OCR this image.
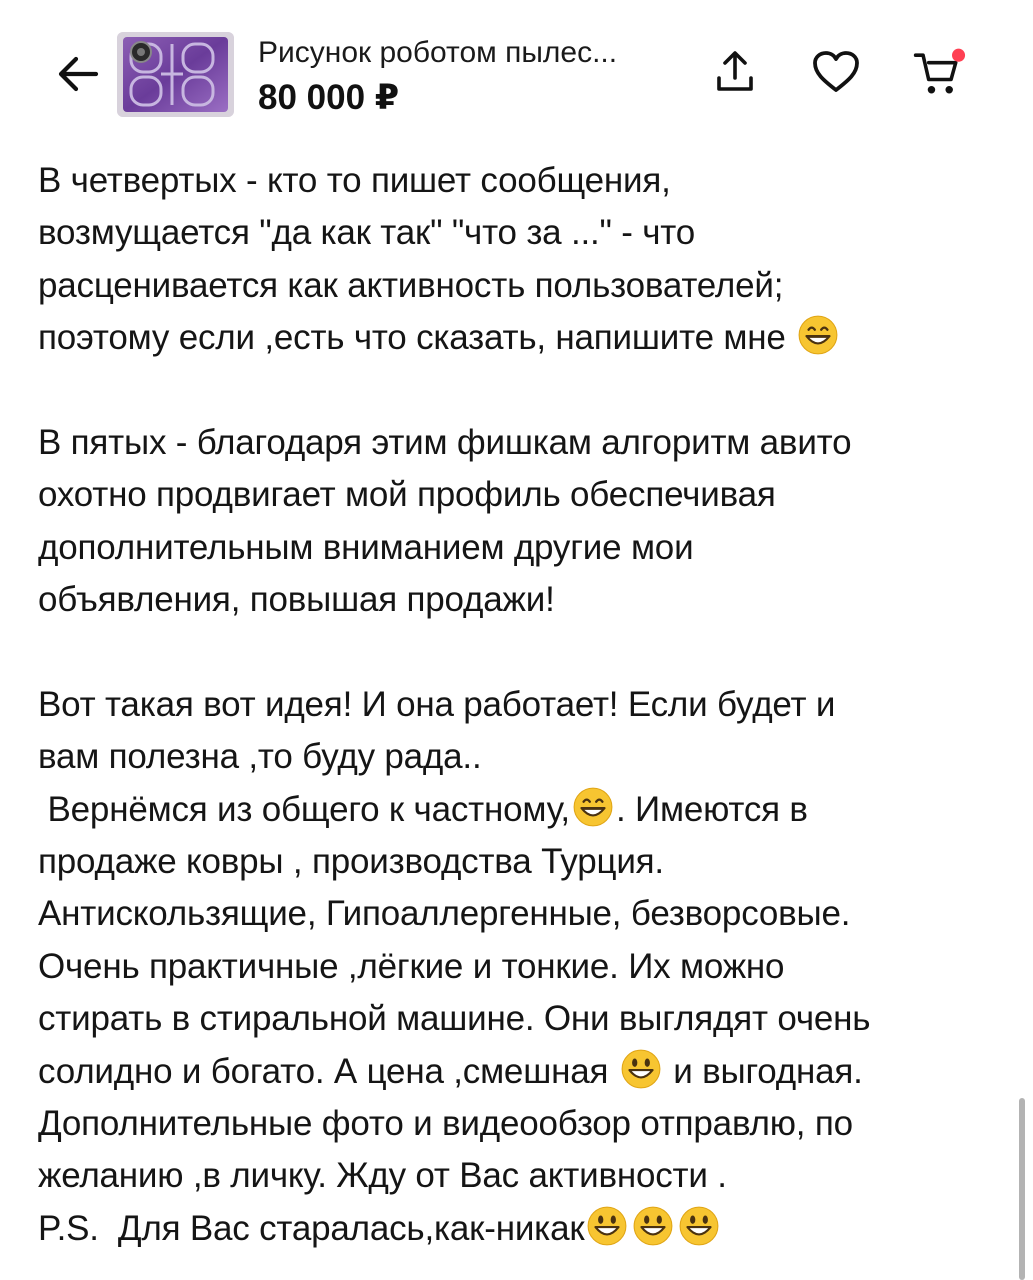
Рисунок роботом пылес...
80 000 ₽

В четвертых - кто то пишет сообщения,

возмущается "да как так" "что за ..." - что

расценивается как активность пользователей;

поэтому если ,есть что сказать, напишите мне

В пятых - благодаря этим фишкам алгоритм авито

охотно продвигает мой профиль обеспечивая

дополнительным вниманием другие мои

объявления, повышая продажи!

Вот такая вот идея! И она работает! Если будет и

вам полезна ,то буду рада..

Вернёмся из общего к частному, . Имеются в

продаже ковры , производства Турция.

Антискользящие, Гипоаллергенные, безворсовые.

Очень практичные ,лёгкие и тонкие. Их можно

стирать в стиральной машине. Они выглядят очень

солидно и богато. А цена ,смешная и выгодная.

Дополнительные фото и видеообзор отправлю, по

желанию ,в личку. Жду от Вас активности .

P.S.  Для Вас старалась,как-никак
